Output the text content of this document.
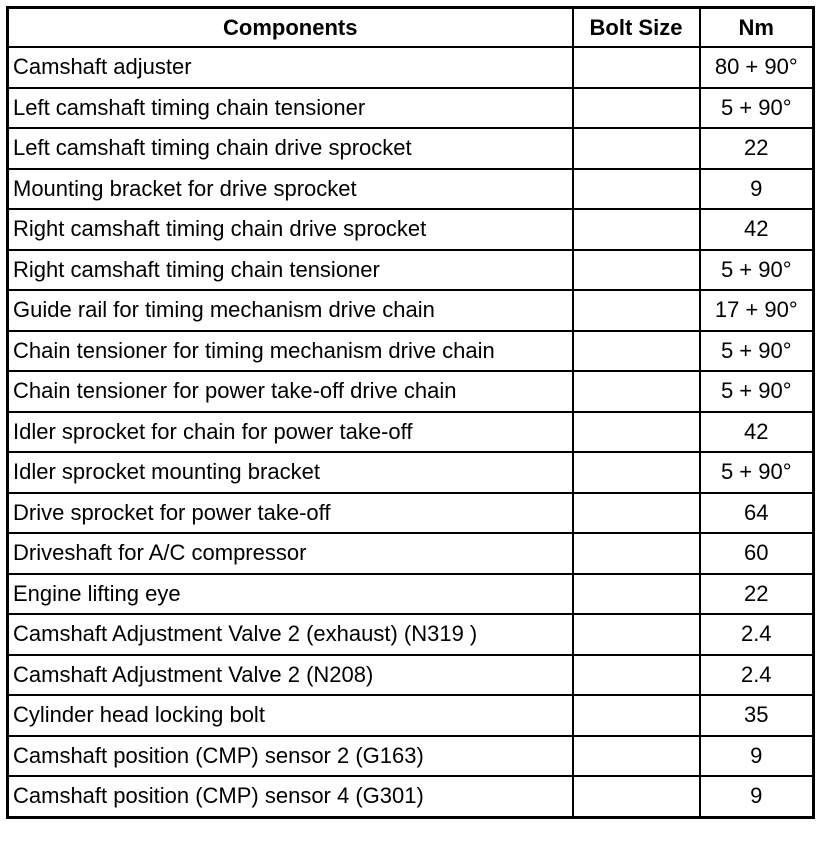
Components	Bolt Size	Nm
Camshaft adjuster		80 + 90°
Left camshaft timing chain tensioner		5 + 90°
Left camshaft timing chain drive sprocket		22
Mounting bracket for drive sprocket		9
Right camshaft timing chain drive sprocket		42
Right camshaft timing chain tensioner		5 + 90°
Guide rail for timing mechanism drive chain		17 + 90°
Chain tensioner for timing mechanism drive chain		5 + 90°
Chain tensioner for power take-off drive chain		5 + 90°
Idler sprocket for chain for power take-off		42
Idler sprocket mounting bracket		5 + 90°
Drive sprocket for power take-off		64
Driveshaft for A/C compressor		60
Engine lifting eye		22
Camshaft Adjustment Valve 2 (exhaust) (N319 )		2.4
Camshaft Adjustment Valve 2 (N208)		2.4
Cylinder head locking bolt		35
Camshaft position (CMP) sensor 2 (G163)		9
Camshaft position (CMP) sensor 4 (G301)		9
